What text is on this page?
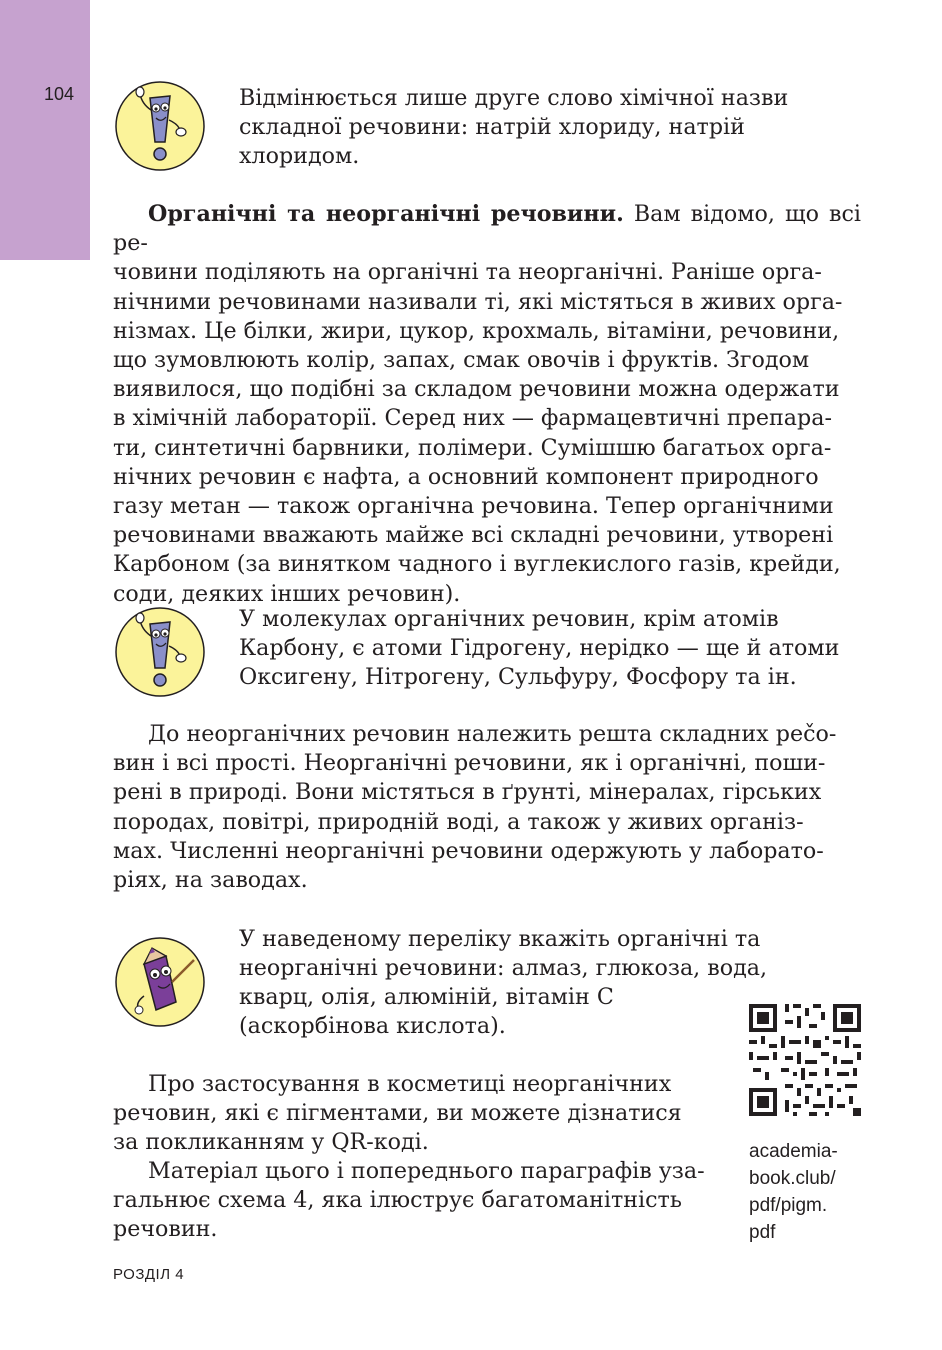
104	Відмінюється лише друге слово хімічної назви
складної речовини: натрій хлориду, натрій
хлоридом.

Органічні та неорганічні речовини. Вам відомо, що всі ре-

човини поділяють на органічні та неорганічні. Раніше орга-
нічними речовинами називали ті, які містяться в живих орга-
нізмах. Це білки, жири, цукор, крохмаль, вітаміни, речовини,
що зумовлюють колір, запах, смак овочів і фруктів. Згодом
виявилося, що подібні за складом речовини можна одержати
в хімічній лабораторії. Серед них — фармацевтичні препара-
ти, синтетичні барвники, полімери. Сумішшю багатьох орга-
нічних речовин є нафта, а основний компонент природного
газу метан — також органічна речовина. Тепер органічними
речовинами вважають майже всі складні речовини, утворені
Карбоном (за винятком чадного і вуглекислого газів, крейди,
соди, деяких інших речовин).
У молекулах органічних речовин, крім атомів
Карбону, є атоми Гідрогену, нерідко — ще й атоми
Оксигену, Нітрогену, Сульфуру, Фосфору та ін.

До неорганічних речовин належить решта складних рečо-

вин і всі прості. Неорганічні речовини, як і органічні, поши-
рені в природі. Вони містяться в ґрунті, мінералах, гірських
породах, повітрі, природній воді, а також у живих організ-
мах. Численні неорганічні речовини одержують у лаборато-
ріях, на заводах.
У наведеному переліку вкажіть органічні та
неорганічні речовини: алмаз, глюкоза, вода,
кварц, олія, алюміній, вітамін С
(аскорбінова кислота).

Про застосування в косметиці неорганічних

речовин, які є пігментами, ви можете дізнатися
за покликанням у QR-коді.

Матеріал цього і попереднього параграфів уза-

гальнює схема 4, яка ілюструє багатоманітність
речовин.
academia-
book.club/
pdf/pigm.
pdf
РОЗДІЛ 4
